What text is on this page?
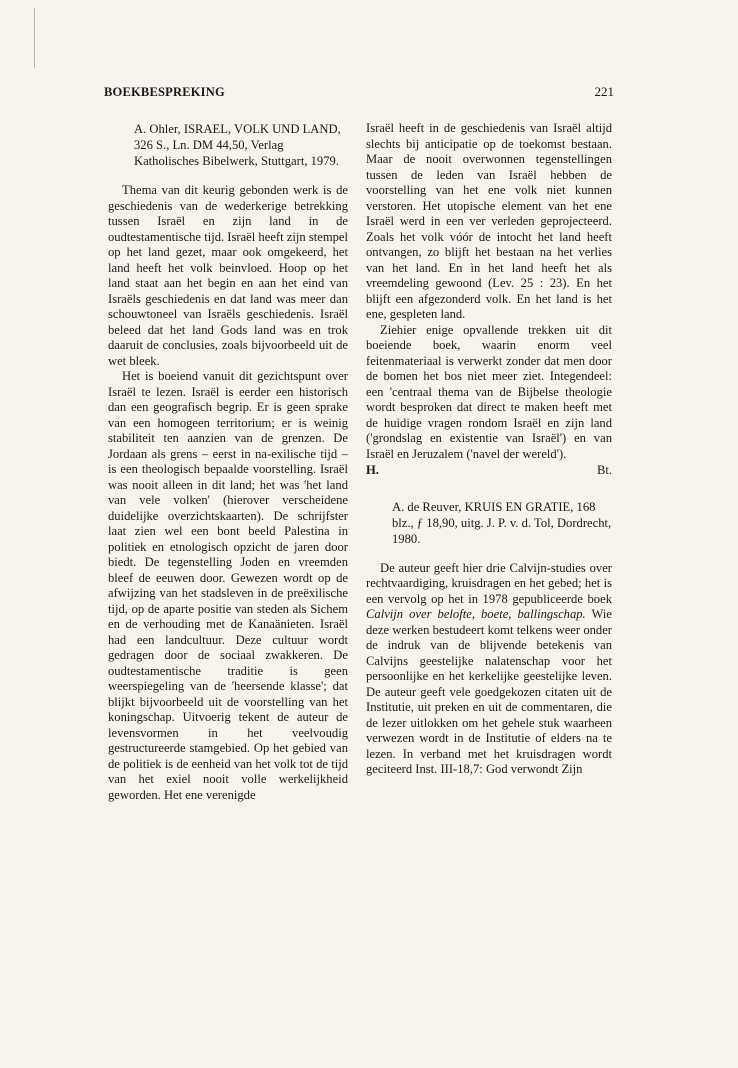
BOEKBESPREKING	221
A. Ohler, ISRAEL, VOLK UND LAND, 326 S., Ln. DM 44,50, Verlag Katholisches Bibelwerk, Stuttgart, 1979.

Thema van dit keurig gebonden werk is de geschiedenis van de wederkerige betrekking tussen Israël en zijn land in de oudtestamentische tijd. Israël heeft zijn stempel op het land gezet, maar ook omgekeerd, het land heeft het volk beinvloed. Hoop op het land staat aan het begin en aan het eind van Israëls geschiedenis en dat land was meer dan schouwtoneel van Israëls geschiedenis. Israël beleed dat het land Gods land was en trok daaruit de conclusies, zoals bijvoorbeeld uit de wet bleek.

Het is boeiend vanuit dit gezichtspunt over Israël te lezen. Israël is eerder een historisch dan een geografisch begrip. Er is geen sprake van een homogeen territorium; er is weinig stabiliteit ten aanzien van de grenzen. De Jordaan als grens – eerst in na-exilische tijd – is een theologisch bepaalde voorstelling. Israël was nooit alleen in dit land; het was 'het land van vele volken' (hierover verscheidene duidelijke overzichtskaarten). De schrijfster laat zien wel een bont beeld Palestina in politiek en etnologisch opzicht de jaren door biedt. De tegenstelling Joden en vreemden bleef de eeuwen door. Gewezen wordt op de afwijzing van het stadsleven in de preëxilische tijd, op de aparte positie van steden als Sichem en de verhouding met de Kanaänieten. Israël had een landcultuur. Deze cultuur wordt gedragen door de sociaal zwakkeren. De oudtestamentische traditie is geen weerspiegeling van de 'heersende klasse'; dat blijkt bijvoorbeeld uit de voorstelling van het koningschap. Uitvoerig tekent de auteur de levensvormen in het veelvoudig gestructureerde stamgebied. Op het gebied van de politiek is de eenheid van het volk tot de tijd van het exiel nooit volle werkelijkheid geworden. Het ene verenigde

Israël heeft in de geschiedenis van Israël altijd slechts bij anticipatie op de toekomst bestaan. Maar de nooit overwonnen tegenstellingen tussen de leden van Israël hebben de voorstelling van het ene volk niet kunnen verstoren. Het utopische element van het ene Israël werd in een ver verleden geprojecteerd. Zoals het volk vóór de intocht het land heeft ontvangen, zo blijft het bestaan na het verlies van het land. En ìn het land heeft het als vreemdeling gewoond (Lev. 25 : 23). En het blijft een afgezonderd volk. En het land is het ene, gespleten land.

Ziehier enige opvallende trekken uit dit boeiende boek, waarin enorm veel feitenmateriaal is verwerkt zonder dat men door de bomen het bos niet meer ziet. Integendeel: een 'centraal thema van de Bijbelse theologie wordt besproken dat direct te maken heeft met de huidige vragen rondom Israël en zijn land ('grondslag en existentie van Israël') en van Israël en Jeruzalem ('navel der wereld').

H.	Bt.
A. de Reuver, KRUIS EN GRATIE, 168 blz., ƒ 18,90, uitg. J. P. v. d. Tol, Dordrecht, 1980.

De auteur geeft hier drie Calvijn-studies over rechtvaardiging, kruisdragen en het gebed; het is een vervolg op het in 1978 gepubliceerde boek Calvijn over belofte, boete, ballingschap. Wie deze werken bestudeert komt telkens weer onder de indruk van de blijvende betekenis van Calvijns geestelijke nalatenschap voor het persoonlijke en het kerkelijke geestelijke leven. De auteur geeft vele goedgekozen citaten uit de Institutie, uit preken en uit de commentaren, die de lezer uitlokken om het gehele stuk waarheen verwezen wordt in de Institutie of elders na te lezen. In verband met het kruisdragen wordt geciteerd Inst. III-18,7: God verwondt Zijn
